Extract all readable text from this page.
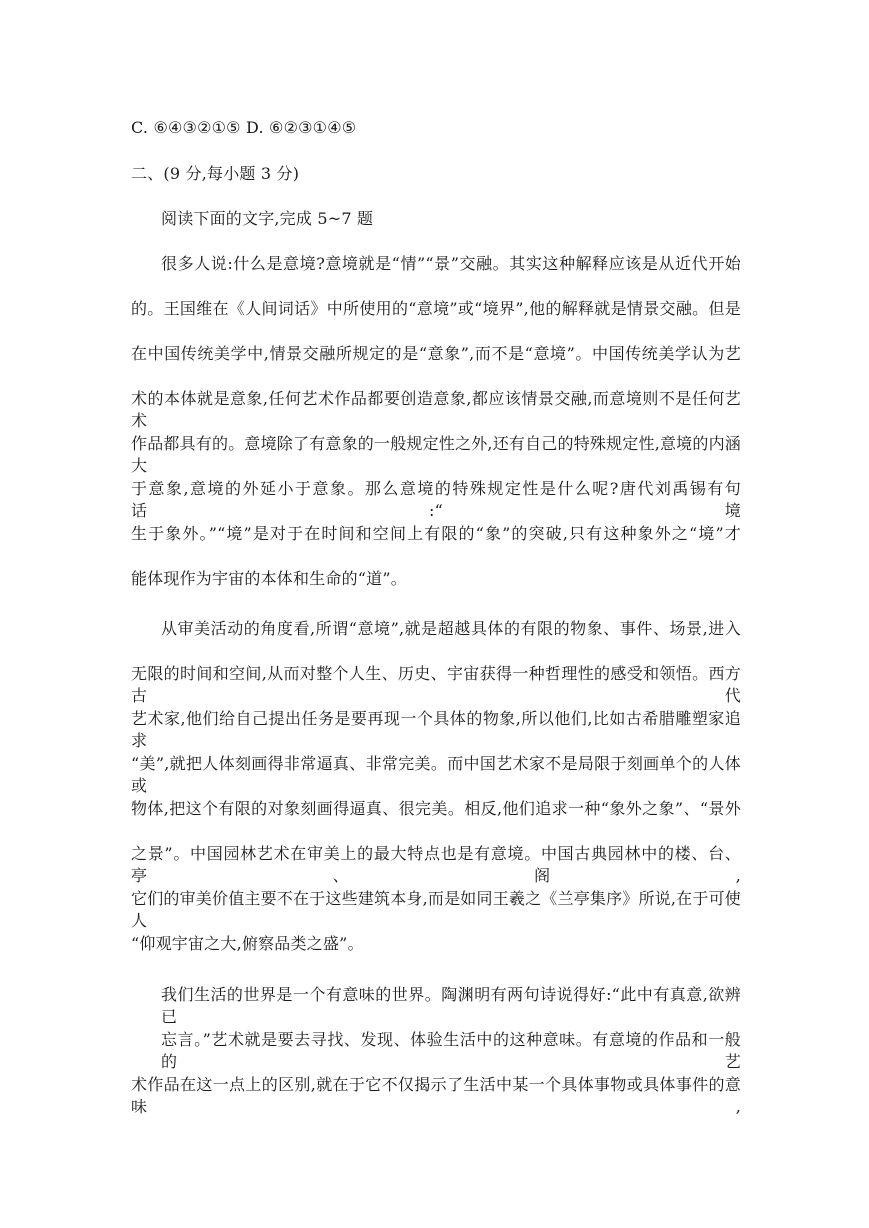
C. ⑥④③②①⑤ D. ⑥②③①④⑤
二、(9 分,每小题 3 分)
阅读下面的文字,完成 5~7 题
很多人说:什么是意境?意境就是“情”“景”交融。其实这种解释应该是从近代开始
的。王国维在《人间词话》中所使用的“意境”或“境界”,他的解释就是情景交融。但是
在中国传统美学中,情景交融所规定的是“意象”,而不是“意境”。中国传统美学认为艺
术的本体就是意象,任何艺术作品都要创造意象,都应该情景交融,而意境则不是任何艺术
作品都具有的。意境除了有意象的一般规定性之外,还有自己的特殊规定性,意境的内涵大
于意象,意境的外延小于意象。那么意境的特殊规定性是什么呢?唐代刘禹锡有句话:“境
生于象外。”“境”是对于在时间和空间上有限的“象”的突破,只有这种象外之“境”才
能体现作为宇宙的本体和生命的“道”。
从审美活动的角度看,所谓“意境”,就是超越具体的有限的物象、事件、场景,进入
无限的时间和空间,从而对整个人生、历史、宇宙获得一种哲理性的感受和领悟。西方古代
艺术家,他们给自己提出任务是要再现一个具体的物象,所以他们,比如古希腊雕塑家追求
“美”,就把人体刻画得非常逼真、非常完美。而中国艺术家不是局限于刻画单个的人体或
物体,把这个有限的对象刻画得逼真、很完美。相反,他们追求一种“象外之象”、“景外
之景”。中国园林艺术在审美上的最大特点也是有意境。中国古典园林中的楼、台、亭、阁,
它们的审美价值主要不在于这些建筑本身,而是如同王羲之《兰亭集序》所说,在于可使人
“仰观宇宙之大,俯察品类之盛”。
我们生活的世界是一个有意味的世界。陶渊明有两句诗说得好:“此中有真意,欲辨已
忘言。”艺术就是要去寻找、发现、体验生活中的这种意味。有意境的作品和一般的艺
术作品在这一点上的区别,就在于它不仅揭示了生活中某一个具体事物或具体事件的意味,
